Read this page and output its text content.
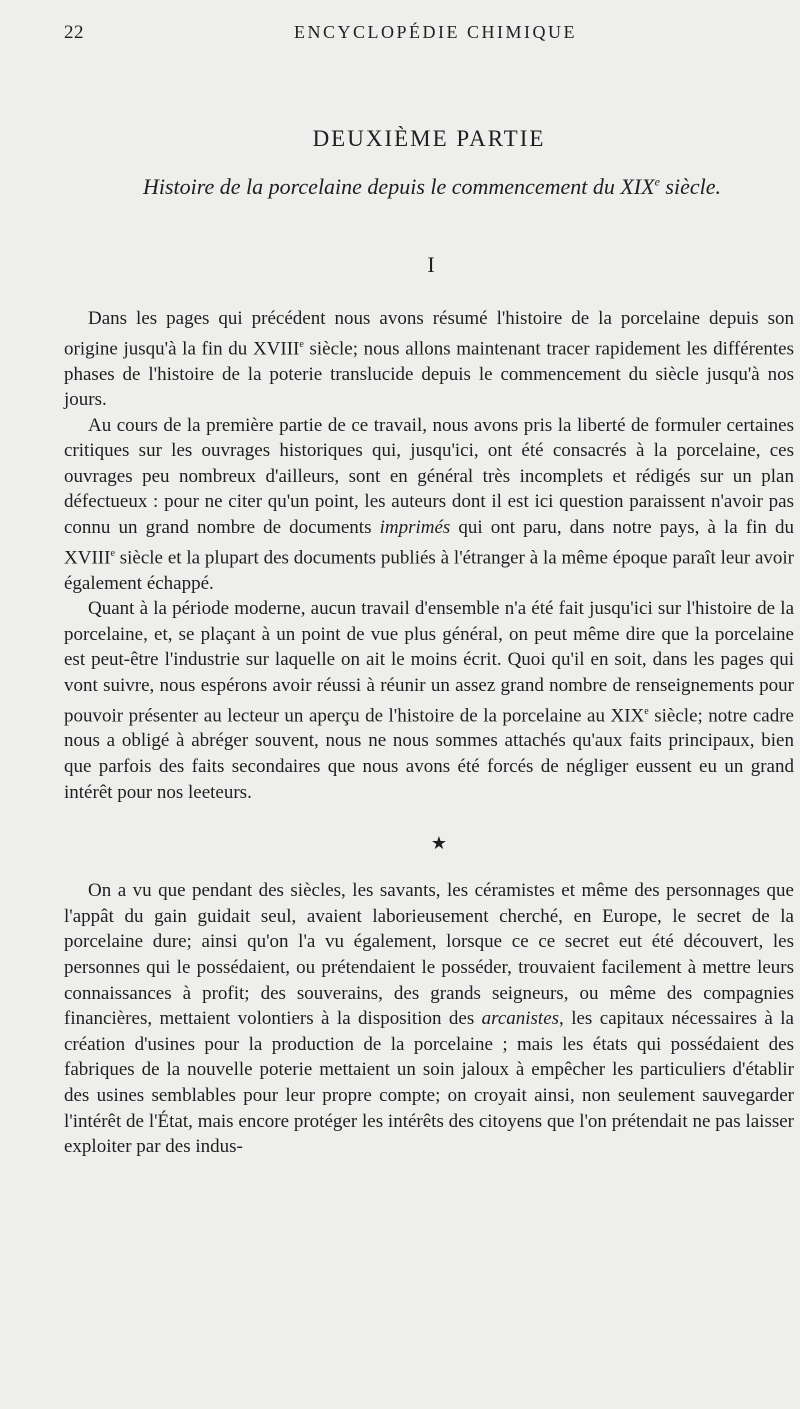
22	ENCYCLOPÉDIE CHIMIQUE
DEUXIÈME PARTIE
Histoire de la porcelaine depuis le commencement du XIXe siècle.
I

Dans les pages qui précédent nous avons résumé l'histoire de la porcelaine depuis son origine jusqu'à la fin du XVIIIe siècle; nous allons maintenant tracer rapidement les différentes phases de l'histoire de la poterie translucide depuis le commencement du siècle jusqu'à nos jours.

Au cours de la première partie de ce travail, nous avons pris la liberté de formuler certaines critiques sur les ouvrages historiques qui, jusqu'ici, ont été consacrés à la porcelaine, ces ouvrages peu nombreux d'ailleurs, sont en général très incomplets et rédigés sur un plan défectueux : pour ne citer qu'un point, les auteurs dont il est ici question paraissent n'avoir pas connu un grand nombre de documents imprimés qui ont paru, dans notre pays, à la fin du XVIIIe siècle et la plupart des documents publiés à l'étranger à la même époque paraît leur avoir également échappé.

Quant à la période moderne, aucun travail d'ensemble n'a été fait jusqu'ici sur l'histoire de la porcelaine, et, se plaçant à un point de vue plus général, on peut même dire que la porcelaine est peut-être l'industrie sur laquelle on ait le moins écrit. Quoi qu'il en soit, dans les pages qui vont suivre, nous espérons avoir réussi à réunir un assez grand nombre de renseignements pour pouvoir présenter au lecteur un aperçu de l'histoire de la porcelaine au XIXe siècle; notre cadre nous a obligé à abréger souvent, nous ne nous sommes attachés qu'aux faits principaux, bien que parfois des faits secondaires que nous avons été forcés de négliger eussent eu un grand intérêt pour nos leeteurs.

★

On a vu que pendant des siècles, les savants, les céramistes et même des personnages que l'appât du gain guidait seul, avaient laborieusement cherché, en Europe, le secret de la porcelaine dure; ainsi qu'on l'a vu également, lorsque ce ce secret eut été découvert, les personnes qui le possédaient, ou prétendaient le posséder, trouvaient facilement à mettre leurs connaissances à profit; des souverains, des grands seigneurs, ou même des compagnies financières, mettaient volontiers à la disposition des arcanistes, les capitaux nécessaires à la création d'usines pour la production de la porcelaine ; mais les états qui possédaient des fabriques de la nouvelle poterie mettaient un soin jaloux à empêcher les particuliers d'établir des usines semblables pour leur propre compte; on croyait ainsi, non seulement sauvegarder l'intérêt de l'État, mais encore protéger les intérêts des citoyens que l'on prétendait ne pas laisser exploiter par des indus-
